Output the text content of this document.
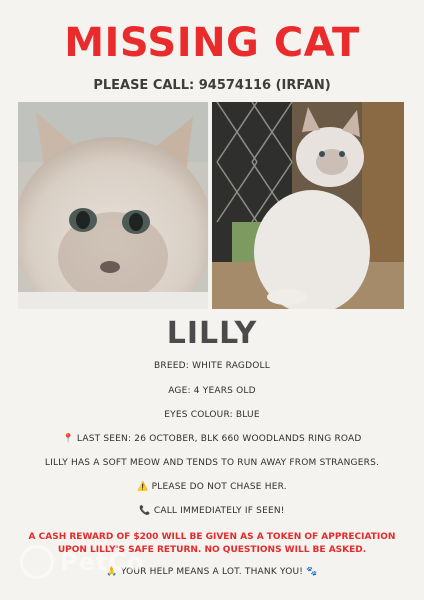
MISSING CAT
PLEASE CALL: 94574116 (IRFAN)
LILLY
BREED: WHITE RAGDOLL
AGE: 4 YEARS OLD
EYES COLOUR: BLUE
📍 LAST SEEN: 26 OCTOBER, BLK 660 WOODLANDS RING ROAD
LILLY HAS A SOFT MEOW AND TENDS TO RUN AWAY FROM STRANGERS.
⚠️ PLEASE DO NOT CHASE HER.
📞 CALL IMMEDIATELY IF SEEN!
A CASH REWARD OF $200 WILL BE GIVEN AS A TOKEN OF APPRECIATION UPON LILLY'S SAFE RETURN. NO QUESTIONS WILL BE ASKED.
🙏 YOUR HELP MEANS A LOT. THANK YOU! 🐾
PetCo
